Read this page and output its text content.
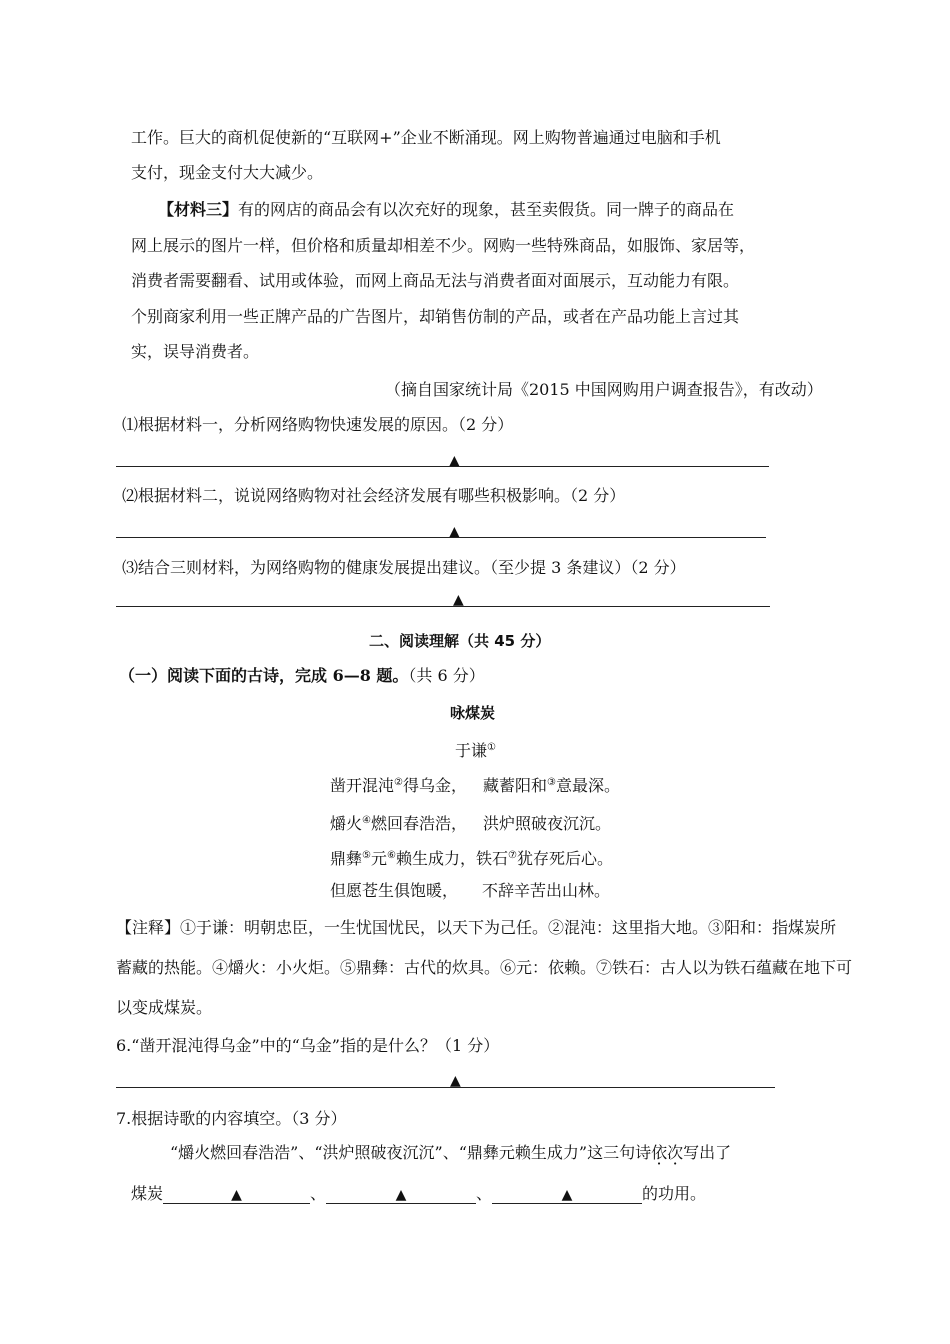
工作。巨大的商机促使新的“互联网+”企业不断涌现。网上购物普遍通过电脑和手机
支付，现金支付大大减少。
【材料三】有的网店的商品会有以次充好的现象，甚至卖假货。同一牌子的商品在
网上展示的图片一样，但价格和质量却相差不少。网购一些特殊商品，如服饰、家居等，
消费者需要翻看、试用或体验，而网上商品无法与消费者面对面展示，互动能力有限。
个别商家利用一些正牌产品的广告图片，却销售仿制的产品，或者在产品功能上言过其
实，误导消费者。
（摘自国家统计局《2015 中国网购用户调查报告》，有改动）
⑴根据材料一，分析网络购物快速发展的原因。（2 分）
▲
⑵根据材料二，说说网络购物对社会经济发展有哪些积极影响。（2 分）
▲
⑶结合三则材料，为网络购物的健康发展提出建议。（至少提 3 条建议）（2 分）
▲
二、阅读理解（共 45 分）
（一）阅读下面的古诗，完成 6—8 题。（共 6 分）
咏煤炭
于谦①
凿开混沌②得乌金， 藏蓄阳和③意最深。
爝火④燃回春浩浩， 洪炉照破夜沉沉。
鼎彝⑤元⑥赖生成力，铁石⑦犹存死后心。
但愿苍生俱饱暖， 不辞辛苦出山林。
【注释】①于谦：明朝忠臣，一生忧国忧民，以天下为己任。②混沌：这里指大地。③阳和：指煤炭所
蓄藏的热能。④爝火：小火炬。⑤鼎彝：古代的炊具。⑥元：依赖。⑦铁石：古人以为铁石蕴藏在地下可
以变成煤炭。
6.“凿开混沌得乌金”中的“乌金”指的是什么？（1 分）
▲
7.根据诗歌的内容填空。（3 分）
“爝火燃回春浩浩”、“洪炉照破夜沉沉”、“鼎彝元赖生成力”这三句诗依次写出了
煤炭	▲	、	▲	、	▲	的功用。
